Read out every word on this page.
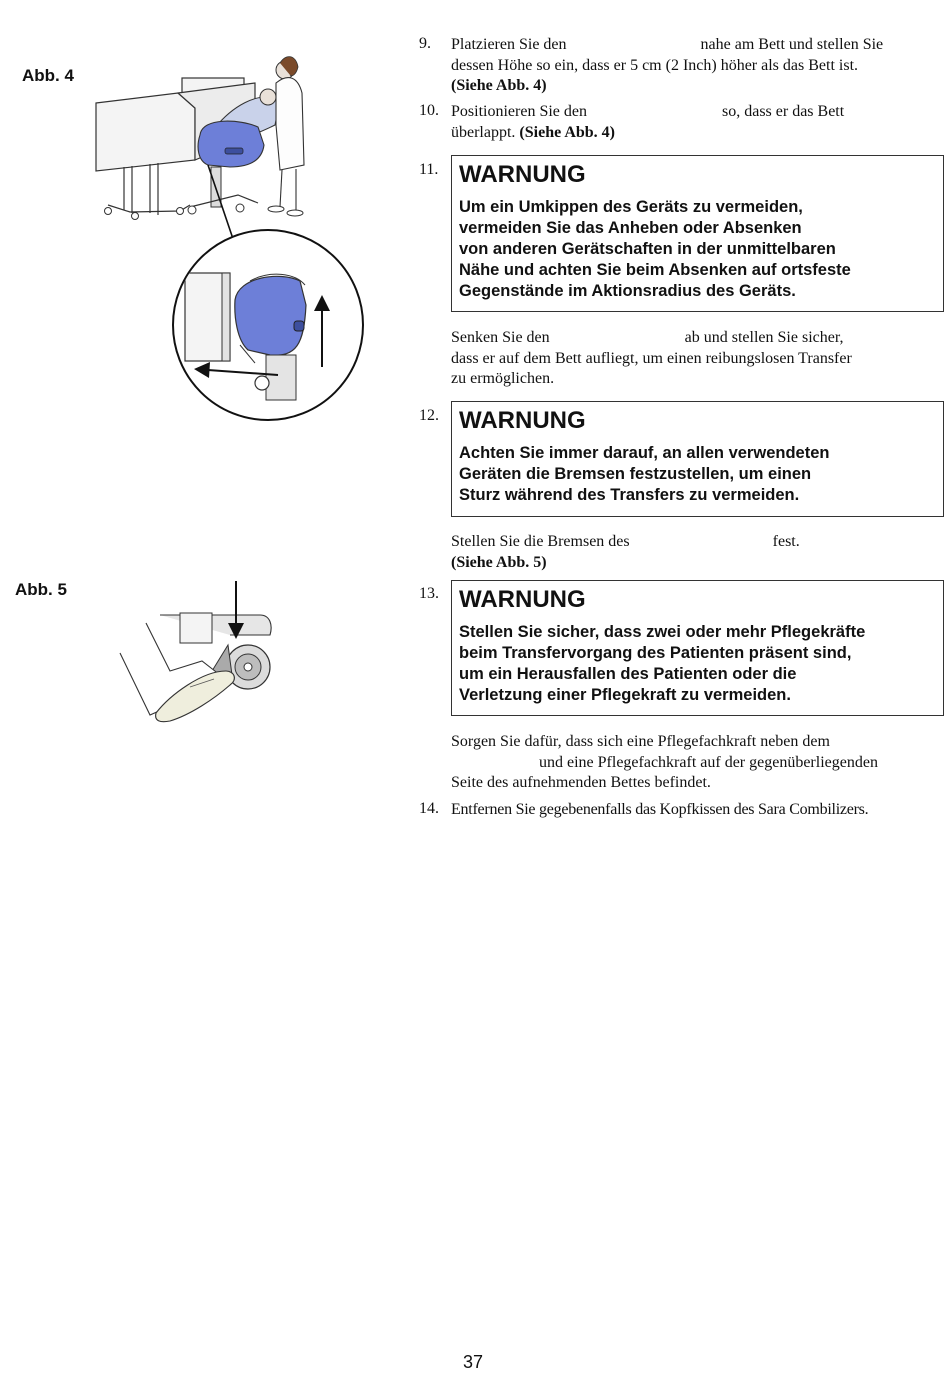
Abb. 4
Abb. 5
9.	Platzieren Sie den	nahe am Bett und stellen Sie
dessen Höhe so ein, dass er 5 cm (2 Inch) höher als das Bett ist.
(Siehe Abb. 4)
10. Positionieren Sie den	so, dass er das Bett
überlappt. (Siehe Abb. 4)
11. WARNUNG
Um ein Umkippen des Geräts zu vermeiden,
vermeiden Sie das Anheben oder Absenken
von anderen Gerätschaften in der unmittelbaren
Nähe und achten Sie beim Absenken auf ortsfeste
Gegenstände im Aktionsradius des Geräts.
Senken Sie den	ab und stellen Sie sicher,
dass er auf dem Bett aufliegt, um einen reibungslosen Transfer
zu ermöglichen.
12. WARNUNG
Achten Sie immer darauf, an allen verwendeten
Geräten die Bremsen festzustellen, um einen
Sturz während des Transfers zu vermeiden.
Stellen Sie die Bremsen des	fest.
(Siehe Abb. 5)
13. WARNUNG
Stellen Sie sicher, dass zwei oder mehr Pflegekräfte
beim Transfervorgang des Patienten präsent sind,
um ein Herausfallen des Patienten oder die
Verletzung einer Pflegekraft zu vermeiden.
Sorgen Sie dafür, dass sich eine Pflegefachkraft neben dem
und eine Pflegefachkraft auf der gegenüberliegenden
Seite des aufnehmenden Bettes befindet.
14. Entfernen Sie gegebenenfalls das Kopfkissen des Sara Combilizers.
37
